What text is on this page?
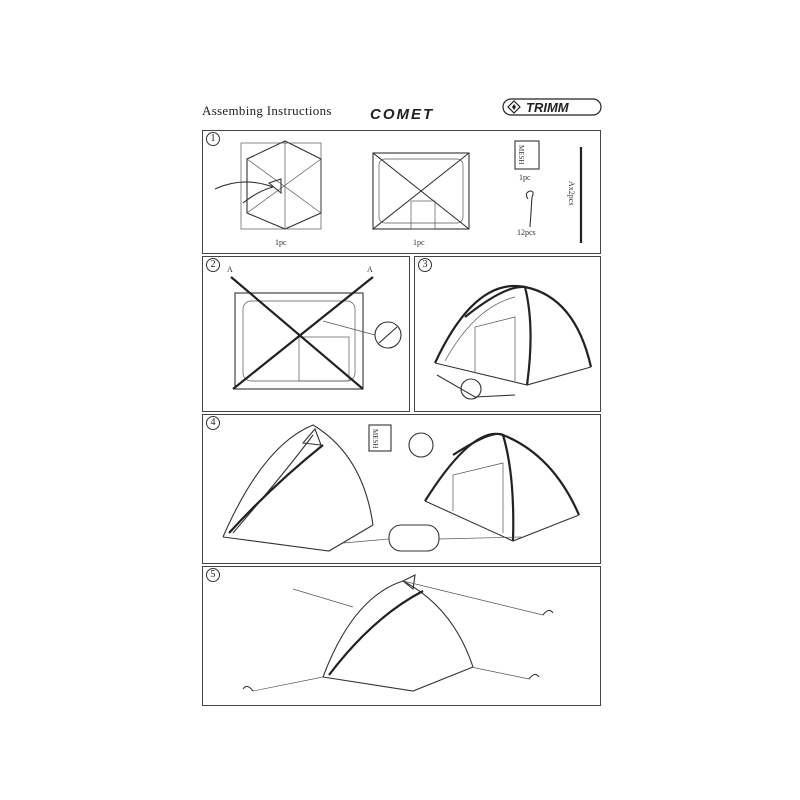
Assembing Instructions	COMET	TRIMM
1
1pc	1pc
MESH
1pc
12pcs
Ax2pcs
2	A	A	3
4
MESH
5
